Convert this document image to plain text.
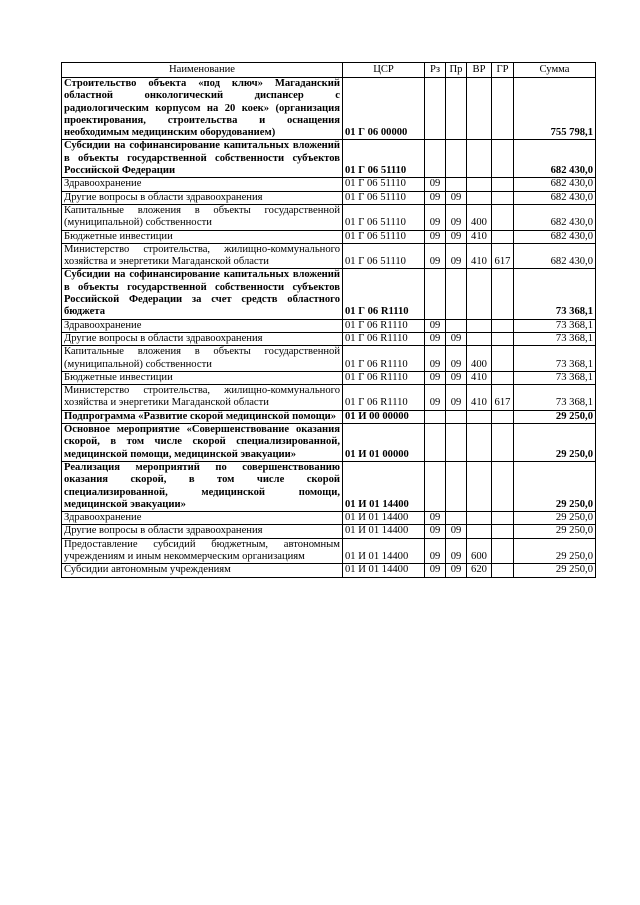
Наименование	ЦСР	Рз	Пр	ВР	ГР	Сумма
Строительство объекта «под ключ» Магаданский областной онкологический диспансер с радиологическим корпусом на 20 коек» (организация проектирования, строительства и оснащения необходимым медицинским оборудованием)	01 Г 06 00000					755 798,1
Субсидии на софинансирование капитальных вложений в объекты государственной собственности субъектов Российской Федерации	01 Г 06 51110					682 430,0
Здравоохранение	01 Г 06 51110	09				682 430,0
Другие вопросы в области здравоохранения	01 Г 06 51110	09	09			682 430,0
Капитальные вложения в объекты государственной (муниципальной) собственности	01 Г 06 51110	09	09	400		682 430,0
Бюджетные инвестиции	01 Г 06 51110	09	09	410		682 430,0
Министерство строительства, жилищно-коммунального хозяйства и энергетики Магаданской области	01 Г 06 51110	09	09	410	617	682 430,0
Субсидии на софинансирование капитальных вложений в объекты государственной собственности субъектов Российской Федерации за счет средств областного бюджета	01 Г 06 R1110					73 368,1
Здравоохранение	01 Г 06 R1110	09				73 368,1
Другие вопросы в области здравоохранения	01 Г 06 R1110	09	09			73 368,1
Капитальные вложения в объекты государственной (муниципальной) собственности	01 Г 06 R1110	09	09	400		73 368,1
Бюджетные инвестиции	01 Г 06 R1110	09	09	410		73 368,1
Министерство строительства, жилищно-коммунального хозяйства и энергетики Магаданской области	01 Г 06 R1110	09	09	410	617	73 368,1
Подпрограмма «Развитие скорой медицинской помощи»	01 И 00 00000					29 250,0
Основное мероприятие «Совершенствование оказания скорой, в том числе скорой специализированной, медицинской помощи, медицинской эвакуации»	01 И 01 00000					29 250,0
Реализация мероприятий по совершенствованию оказания скорой, в том числе скорой специализированной, медицинской помощи, медицинской эвакуации»	01 И 01 14400					29 250,0
Здравоохранение	01 И 01 14400	09				29 250,0
Другие вопросы в области здравоохранения	01 И 01 14400	09	09			29 250,0
Предоставление субсидий бюджетным, автономным учреждениям и иным некоммерческим организациям	01 И 01 14400	09	09	600		29 250,0
Субсидии автономным учреждениям	01 И 01 14400	09	09	620		29 250,0
